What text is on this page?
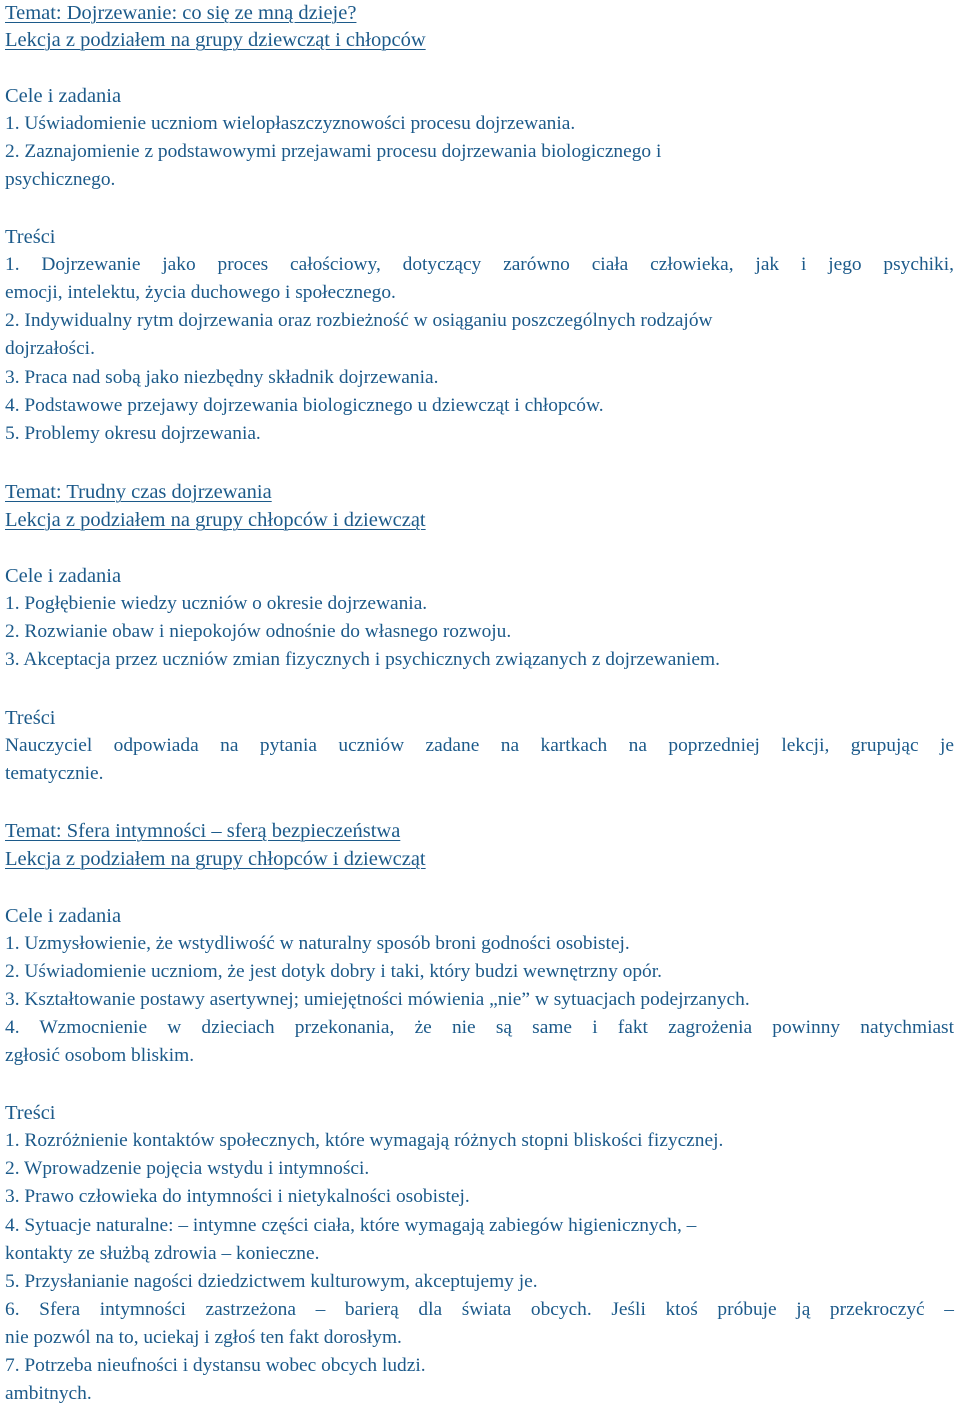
Temat: Dojrzewanie: co się ze mną dzieje?
Lekcja z podziałem na grupy dziewcząt i chłopców
Cele i zadania
1. Uświadomienie uczniom wielopłaszczyznowości procesu dojrzewania.
2. Zaznajomienie z podstawowymi przejawami procesu dojrzewania biologicznego i
psychicznego.
Treści
1. Dojrzewanie jako proces całościowy, dotyczący zarówno ciała człowieka, jak i jego psychiki,
emocji, intelektu, życia duchowego i społecznego.
2. Indywidualny rytm dojrzewania oraz rozbieżność w osiąganiu poszczególnych rodzajów
dojrzałości.
3. Praca nad sobą jako niezbędny składnik dojrzewania.
4. Podstawowe przejawy dojrzewania biologicznego u dziewcząt i chłopców.
5. Problemy okresu dojrzewania.
Temat: Trudny czas dojrzewania
Lekcja z podziałem na grupy chłopców i dziewcząt
Cele i zadania
1. Pogłębienie wiedzy uczniów o okresie dojrzewania.
2. Rozwianie obaw i niepokojów odnośnie do własnego rozwoju.
3. Akceptacja przez uczniów zmian fizycznych i psychicznych związanych z dojrzewaniem.
Treści
Nauczyciel odpowiada na pytania uczniów zadane na kartkach na poprzedniej lekcji, grupując je
tematycznie.
Temat: Sfera intymności – sferą bezpieczeństwa
Lekcja z podziałem na grupy chłopców i dziewcząt
Cele i zadania
1. Uzmysłowienie, że wstydliwość w naturalny sposób broni godności osobistej.
2. Uświadomienie uczniom, że jest dotyk dobry i taki, który budzi wewnętrzny opór.
3. Kształtowanie postawy asertywnej; umiejętności mówienia „nie” w sytuacjach podejrzanych.
4. Wzmocnienie w dzieciach przekonania, że nie są same i fakt zagrożenia powinny natychmiast
zgłosić osobom bliskim.
Treści
1. Rozróżnienie kontaktów społecznych, które wymagają różnych stopni bliskości fizycznej.
2. Wprowadzenie pojęcia wstydu i intymności.
3. Prawo człowieka do intymności i nietykalności osobistej.
4. Sytuacje naturalne: – intymne części ciała, które wymagają zabiegów higienicznych, –
kontakty ze służbą zdrowia – konieczne.
5. Przysłanianie nagości dziedzictwem kulturowym, akceptujemy je.
6. Sfera intymności zastrzeżona – barierą dla świata obcych. Jeśli ktoś próbuje ją przekroczyć –
nie pozwól na to, uciekaj i zgłoś ten fakt dorosłym.
7. Potrzeba nieufności i dystansu wobec obcych ludzi.
ambitnych.
